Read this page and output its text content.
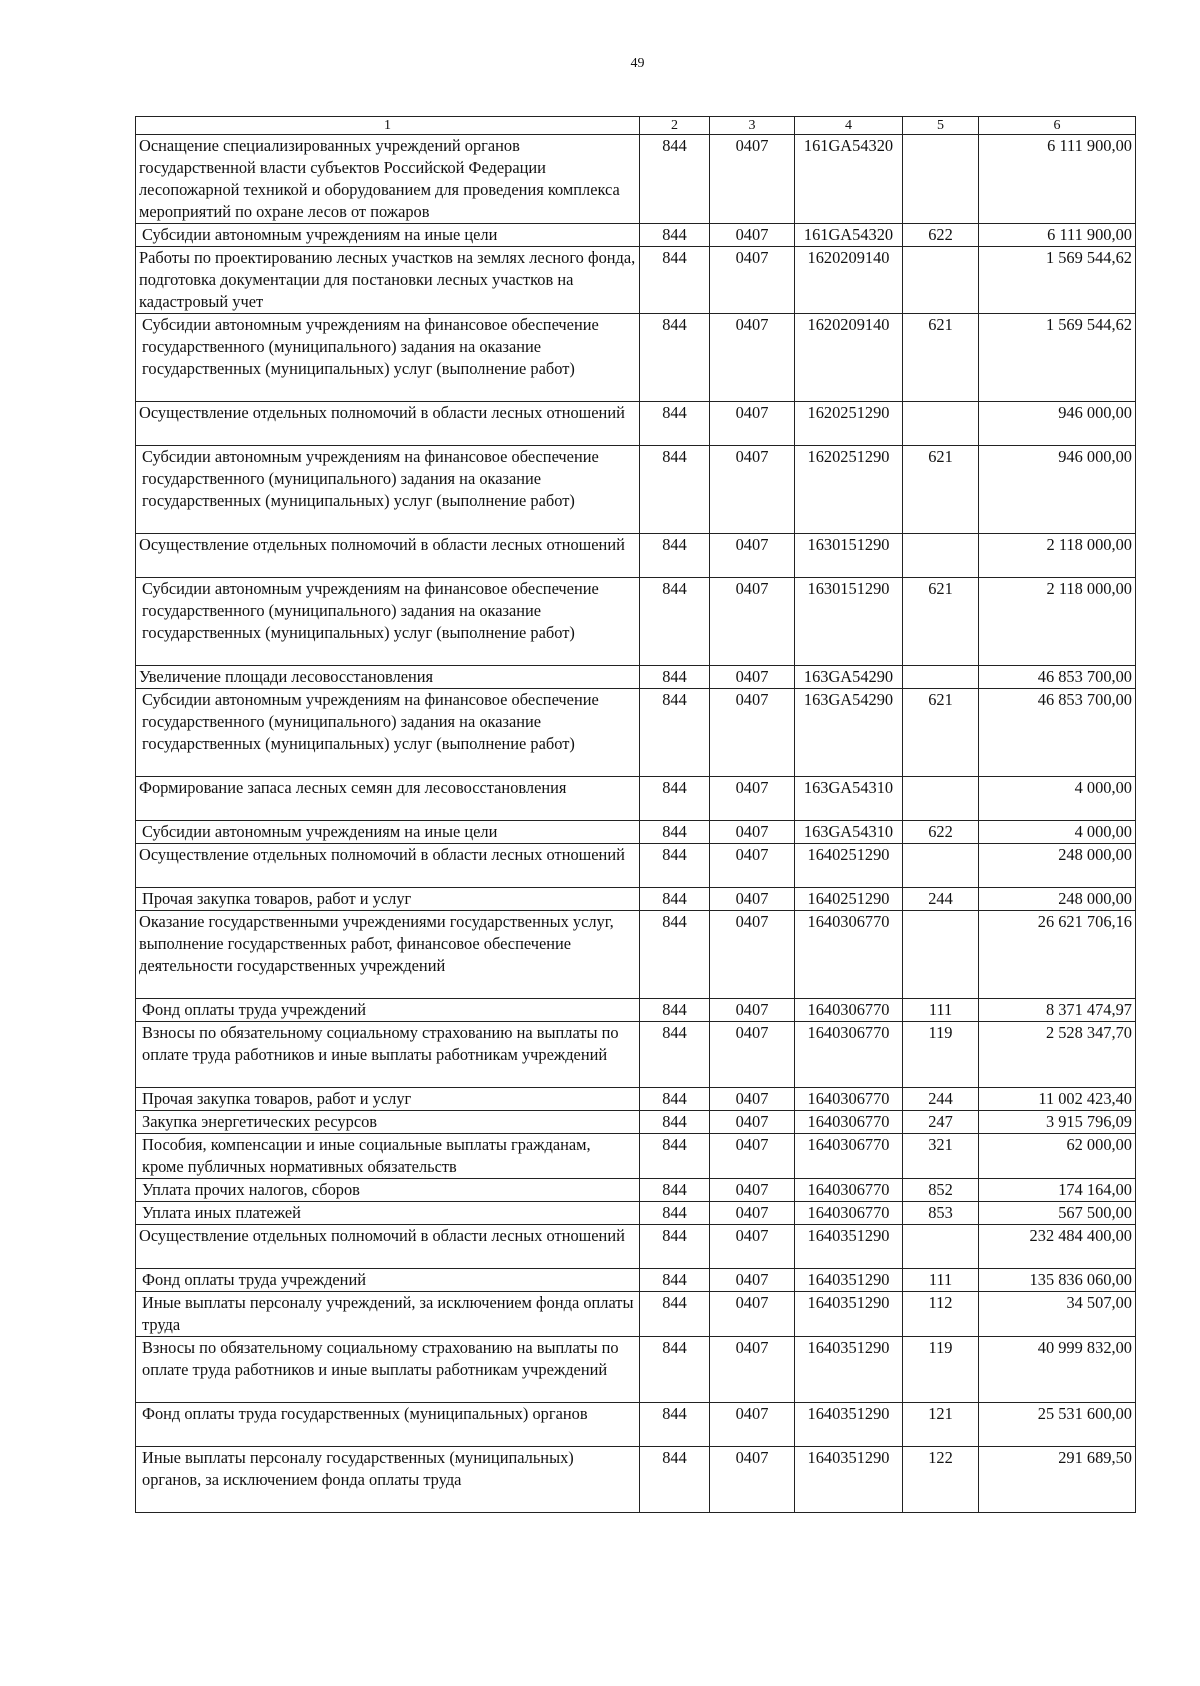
49
1	2	3	4	5	6
Оснащение специализированных учреждений органов государственной власти субъектов Российской Федерации лесопожарной техникой и оборудованием для проведения комплекса мероприятий по охране лесов от пожаров	844	0407	161GA54320		6 111 900,00
Субсидии автономным учреждениям на иные цели	844	0407	161GA54320	622	6 111 900,00
Работы по проектированию лесных участков на землях лесного фонда, подготовка документации для постановки лесных участков на кадастровый учет	844	0407	1620209140		1 569 544,62
Субсидии автономным учреждениям на финансовое обеспечение государственного (муниципального) задания на оказание государственных (муниципальных) услуг (выполнение работ)	844	0407	1620209140	621	1 569 544,62
Осуществление отдельных полномочий в области лесных отношений	844	0407	1620251290		946 000,00
Субсидии автономным учреждениям на финансовое обеспечение государственного (муниципального) задания на оказание государственных (муниципальных) услуг (выполнение работ)	844	0407	1620251290	621	946 000,00
Осуществление отдельных полномочий в области лесных отношений	844	0407	1630151290		2 118 000,00
Субсидии автономным учреждениям на финансовое обеспечение государственного (муниципального) задания на оказание государственных (муниципальных) услуг (выполнение работ)	844	0407	1630151290	621	2 118 000,00
Увеличение площади лесовосстановления	844	0407	163GA54290		46 853 700,00
Субсидии автономным учреждениям на финансовое обеспечение государственного (муниципального) задания на оказание государственных (муниципальных) услуг (выполнение работ)	844	0407	163GA54290	621	46 853 700,00
Формирование запаса лесных семян для лесовосстановления	844	0407	163GA54310		4 000,00
Субсидии автономным учреждениям на иные цели	844	0407	163GA54310	622	4 000,00
Осуществление отдельных полномочий в области лесных отношений	844	0407	1640251290		248 000,00
Прочая закупка товаров, работ и услуг	844	0407	1640251290	244	248 000,00
Оказание государственными учреждениями государственных услуг, выполнение государственных работ, финансовое обеспечение деятельности государственных учреждений	844	0407	1640306770		26 621 706,16
Фонд оплаты труда учреждений	844	0407	1640306770	111	8 371 474,97
Взносы по обязательному социальному страхованию на выплаты по оплате труда работников и иные выплаты работникам учреждений	844	0407	1640306770	119	2 528 347,70
Прочая закупка товаров, работ и услуг	844	0407	1640306770	244	11 002 423,40
Закупка энергетических ресурсов	844	0407	1640306770	247	3 915 796,09
Пособия, компенсации и иные социальные выплаты гражданам, кроме публичных нормативных обязательств	844	0407	1640306770	321	62 000,00
Уплата прочих налогов, сборов	844	0407	1640306770	852	174 164,00
Уплата иных платежей	844	0407	1640306770	853	567 500,00
Осуществление отдельных полномочий в области лесных отношений	844	0407	1640351290		232 484 400,00
Фонд оплаты труда учреждений	844	0407	1640351290	111	135 836 060,00
Иные выплаты персоналу учреждений, за исключением фонда оплаты труда	844	0407	1640351290	112	34 507,00
Взносы по обязательному социальному страхованию на выплаты по оплате труда работников и иные выплаты работникам учреждений	844	0407	1640351290	119	40 999 832,00
Фонд оплаты труда государственных (муниципальных) органов	844	0407	1640351290	121	25 531 600,00
Иные выплаты персоналу государственных (муниципальных) органов, за исключением фонда оплаты труда	844	0407	1640351290	122	291 689,50
